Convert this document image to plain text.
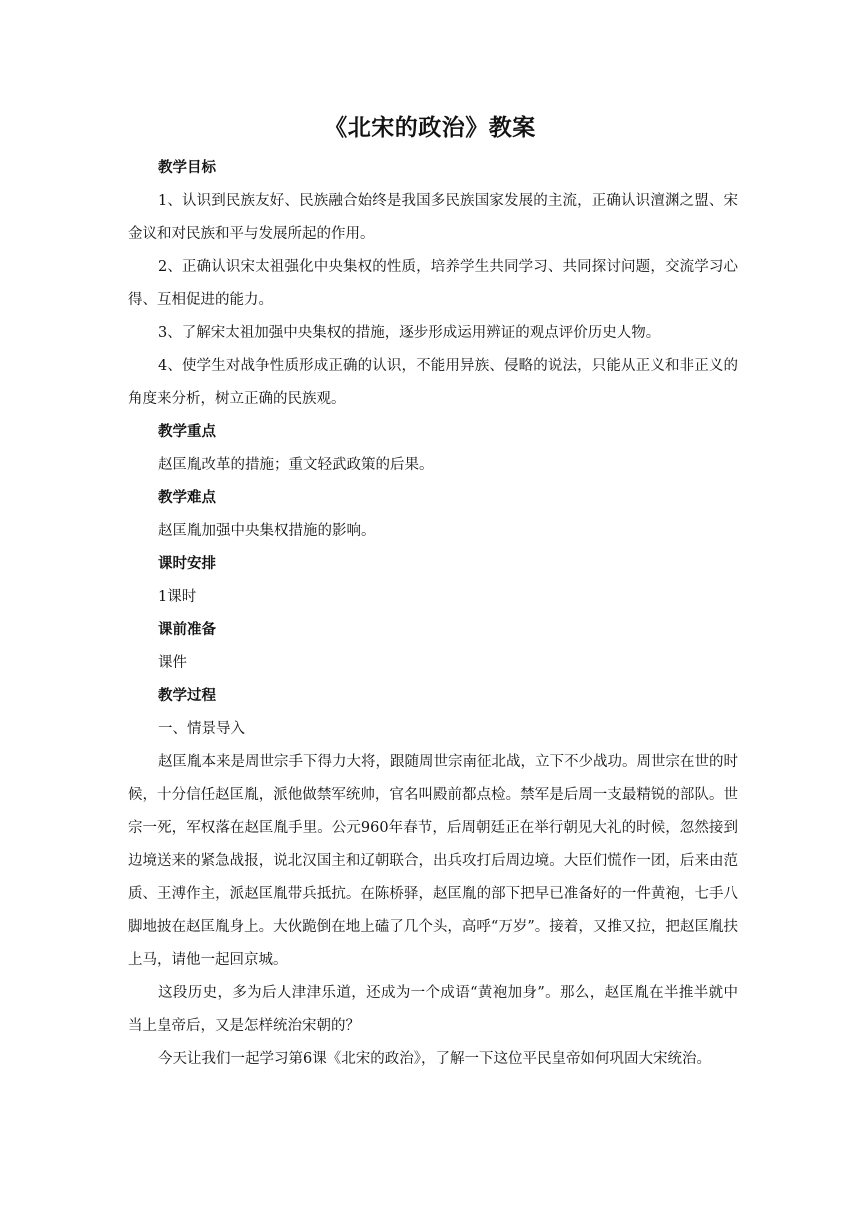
《北宋的政治》教案

教学目标

1、认识到民族友好、民族融合始终是我国多民族国家发展的主流，正确认识澶渊之盟、宋金议和对民族和平与发展所起的作用。

2、正确认识宋太祖强化中央集权的性质，培养学生共同学习、共同探讨问题，交流学习心得、互相促进的能力。

3、了解宋太祖加强中央集权的措施，逐步形成运用辨证的观点评价历史人物。

4、使学生对战争性质形成正确的认识，不能用异族、侵略的说法，只能从正义和非正义的角度来分析，树立正确的民族观。

教学重点

赵匡胤改革的措施；重文轻武政策的后果。

教学难点

赵匡胤加强中央集权措施的影响。

课时安排

1课时

课前准备

课件

教学过程

一、情景导入

赵匡胤本来是周世宗手下得力大将，跟随周世宗南征北战，立下不少战功。周世宗在世的时候，十分信任赵匡胤，派他做禁军统帅，官名叫殿前都点检。禁军是后周一支最精锐的部队。世宗一死，军权落在赵匡胤手里。公元960年春节，后周朝廷正在举行朝见大礼的时候，忽然接到边境送来的紧急战报，说北汉国主和辽朝联合，出兵攻打后周边境。大臣们慌作一团，后来由范质、王溥作主，派赵匡胤带兵抵抗。在陈桥驿，赵匡胤的部下把早已准备好的一件黄袍，七手八脚地披在赵匡胤身上。大伙跪倒在地上磕了几个头，高呼“万岁”。接着，又推又拉，把赵匡胤扶上马，请他一起回京城。

这段历史，多为后人津津乐道，还成为一个成语“黄袍加身”。那么，赵匡胤在半推半就中当上皇帝后，又是怎样统治宋朝的？

今天让我们一起学习第6课《北宋的政治》，了解一下这位平民皇帝如何巩固大宋统治。
